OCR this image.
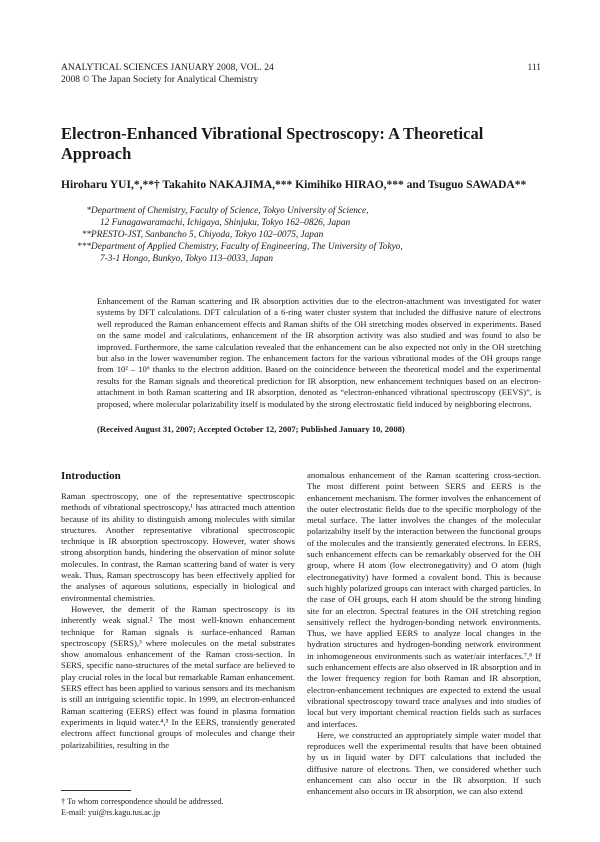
ANALYTICAL SCIENCES JANUARY 2008, VOL. 24
2008 © The Japan Society for Analytical Chemistry
111
Electron-Enhanced Vibrational Spectroscopy: A Theoretical Approach
Hiroharu YUI,*,**† Takahito NAKAJIMA,*** Kimihiko HIRAO,*** and Tsuguo SAWADA**
* Department of Chemistry, Faculty of Science, Tokyo University of Science,
12 Funagawaramachi, Ichigaya, Shinjuku, Tokyo 162–0826, Japan
** PRESTO-JST, Sanbancho 5, Chiyoda, Tokyo 102–0075, Japan
*** Department of Applied Chemistry, Faculty of Engineering, The University of Tokyo,
7-3-1 Hongo, Bunkyo, Tokyo 113–0033, Japan

Enhancement of the Raman scattering and IR absorption activities due to the electron-attachment was investigated for water systems by DFT calculations. DFT calculation of a 6-ring water cluster system that included the diffusive nature of electrons well reproduced the Raman enhancement effects and Raman shifts of the OH stretching modes observed in experiments. Based on the same model and calculations, enhancement of the IR absorption activity was also studied and was found to also be improved. Furthermore, the same calculation revealed that the enhancement can be also expected not only in the OH stretching but also in the lower wavenumber region. The enhancement factors for the various vibrational modes of the OH groups range from 10² – 10⁶ thanks to the electron addition. Based on the coincidence between the theoretical model and the experimental results for the Raman signals and theoretical prediction for IR absorption, new enhancement techniques based on an electron-attachment in both Raman scattering and IR absorption, denoted as “electron-enhanced vibrational spectroscopy (EEVS)”, is proposed, where molecular polarizability itself is modulated by the strong electrostatic field induced by neighboring electrons.

(Received August 31, 2007; Accepted October 12, 2007; Published January 10, 2008)

Introduction

Raman spectroscopy, one of the representative spectroscopic methods of vibrational spectroscopy,¹ has attracted much attention because of its ability to distinguish among molecules with similar structures. Another representative vibrational spectroscopic technique is IR absorption spectroscopy. However, water shows strong absorption bands, hindering the observation of minor solute molecules. In contrast, the Raman scattering band of water is very weak. Thus, Raman spectroscopy has been effectively applied for the analyses of aqueous solutions, especially in biological and environmental chemistries.

However, the demerit of the Raman spectroscopy is its inherently weak signal.² The most well-known enhancement technique for Raman signals is surface-enhanced Raman spectroscopy (SERS),³ where molecules on the metal substrates show anomalous enhancement of the Raman cross-section. In SERS, specific nano-structures of the metal surface are believed to play crucial roles in the local but remarkable Raman enhancement. SERS effect has been applied to various sensors and its mechanism is still an intriguing scientific topic. In 1999, an electron-enhanced Raman scattering (EERS) effect was found in plasma formation experiments in liquid water.⁴,⁵ In the EERS, transiently generated electrons affect functional groups of molecules and change their polarizabilities, resulting in the

anomalous enhancement of the Raman scattering cross-section. The most different point between SERS and EERS is the enhancement mechanism. The former involves the enhancement of the outer electrostatic fields due to the specific morphology of the metal surface. The latter involves the changes of the molecular polarizabilty itself by the interaction between the functional groups of the molecules and the transiently generated electrons. In EERS, such enhancement effects can be remarkably observed for the OH group, where H atom (low electronegativity) and O atom (high electronegativity) have formed a covalent bond. This is because such highly polarized groups can interact with charged particles. In the case of OH groups, each H atom should be the strong binding site for an electron. Spectral features in the OH stretching region sensitively reflect the hydrogen-bonding network environments. Thus, we have applied EERS to analyze local changes in the hydration structures and hydrogen-bonding network environment in inhomogeneous environments such as water/air interfaces.⁷,⁸ If such enhancement effects are also observed in IR absorption and in the lower frequency region for both Raman and IR absorption, electron-enhancement techniques are expected to extend the usual vibrational spectroscopy toward trace analyses and into studies of local but very important chemical reaction fields such as surfaces and interfaces.

Here, we constructed an appropriately simple water model that reproduces well the experimental results that have been obtained by us in liquid water by DFT calculations that included the diffusive nature of electrons. Then, we considered whether such enhancement can also occur in the IR absorption. If such enhancement also occurs in IR absorption, we can also extend

† To whom correspondence should be addressed.
E-mail: yui@rs.kagu.tus.ac.jp
